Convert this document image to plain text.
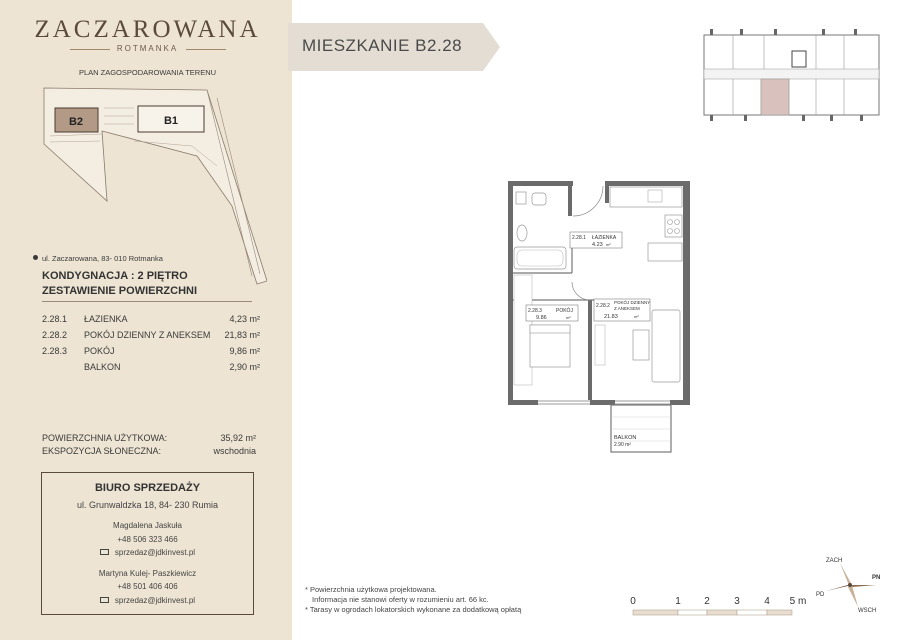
ZACZAROWANA
ROTMANKA
PLAN ZAGOSPODAROWANIA TERENU
B2	B1
ul. Zaczarowana, 83- 010 Rotmanka
KONDYGNACJA : 2 PIĘTRO
ZESTAWIENIE POWIERZCHNI
2.28.1 ŁAZIENKA	4,23 m²
2.28.2 POKÓJ DZIENNY Z ANEKSEM 21,83 m²
2.28.3 POKÓJ	9,86 m²
BALKON	2,90 m²
POWIERZCHNIA UŻYTKOWA:	35,92 m²
EKSPOZYCJA SŁONECZNA:	wschodnia
BIURO SPRZEDAŻY
ul. Grunwaldzka 18, 84- 230 Rumia
Magdalena Jaskuła
+48 506 323 466
sprzedaz@jdkinvest.pl
Martyna Kulej- Paszkiewicz
+48 501 406 406
sprzedaz@jdkinvest.pl
MIESZKANIE B2.28
2.28.1 ŁAZIENKA
4.23 m²
2.28.3	POKÓJ
9.86	m²
2.28.2
POKÓJ DZIENNY
Z ANEKSEM
21.83	m²
BALKON
2.90 m²
* Powierzchnia użytkowa projektowana.
Informacja nie stanowi oferty w rozumieniu art. 66 kc.
* Tarasy w ogrodach lokatorskich wykonane za dodatkową opłatą
0	1 2 3 4 5 m
ZACH
PN
PD
WSCH
